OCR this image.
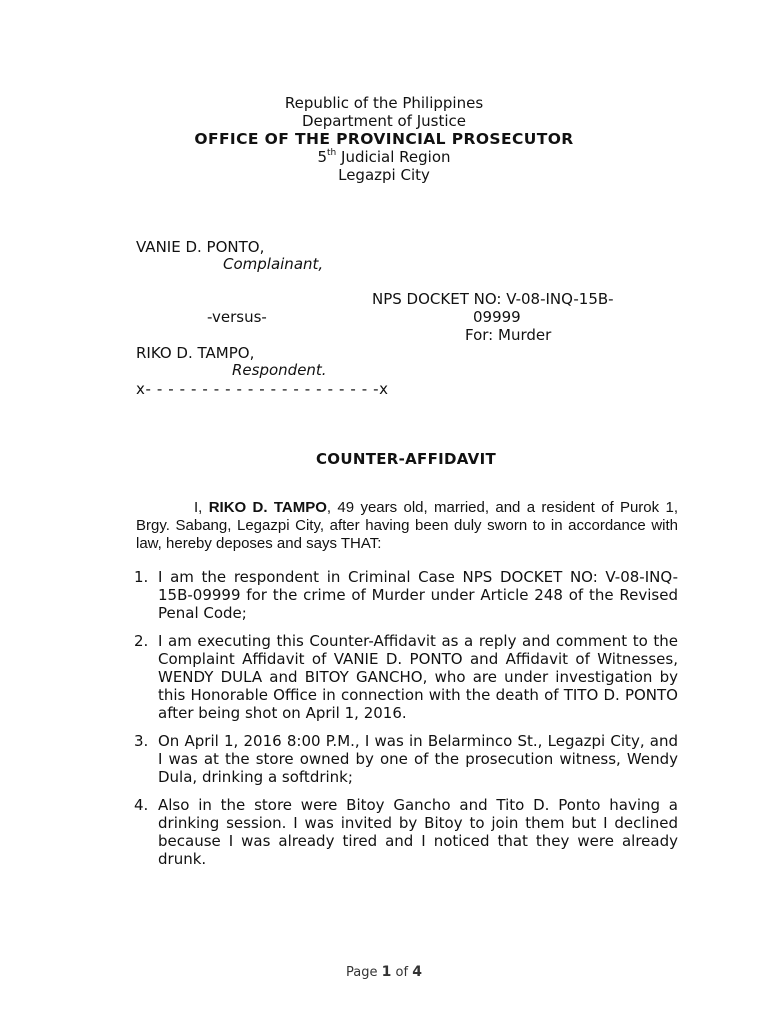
Republic of the Philippines
Department of Justice
OFFICE OF THE PROVINCIAL PROSECUTOR
5th Judicial Region
Legazpi City
VANIE D. PONTO,
Complainant,
NPS DOCKET NO: V-08-INQ-15B-
09999
For: Murder
-versus-
RIKO D. TAMPO,
Respondent.
x- - - - - - - - - - - - - - - - - - - - -x
COUNTER-AFFIDAVIT
I, RIKO D. TAMPO, 49 years old, married, and a resident of Purok 1, Brgy. Sabang, Legazpi City, after having been duly sworn to in accordance with law, hereby deposes and says THAT:
1. I am the respondent in Criminal Case NPS DOCKET NO: V-08-INQ-15B-09999 for the crime of Murder under Article 248 of the Revised Penal Code;
2. I am executing this Counter-Affidavit as a reply and comment to the Complaint Affidavit of VANIE D. PONTO and Affidavit of Witnesses, WENDY DULA and BITOY GANCHO, who are under investigation by this Honorable Office in connection with the death of TITO D. PONTO after being shot on April 1, 2016.
3. On April 1, 2016 8:00 P.M., I was in Belarminco St., Legazpi City, and I was at the store owned by one of the prosecution witness, Wendy Dula, drinking a softdrink;
4. Also in the store were Bitoy Gancho and Tito D. Ponto having a drinking session. I was invited by Bitoy to join them but I declined because I was already tired and I noticed that they were already drunk.
Page 1 of 4
